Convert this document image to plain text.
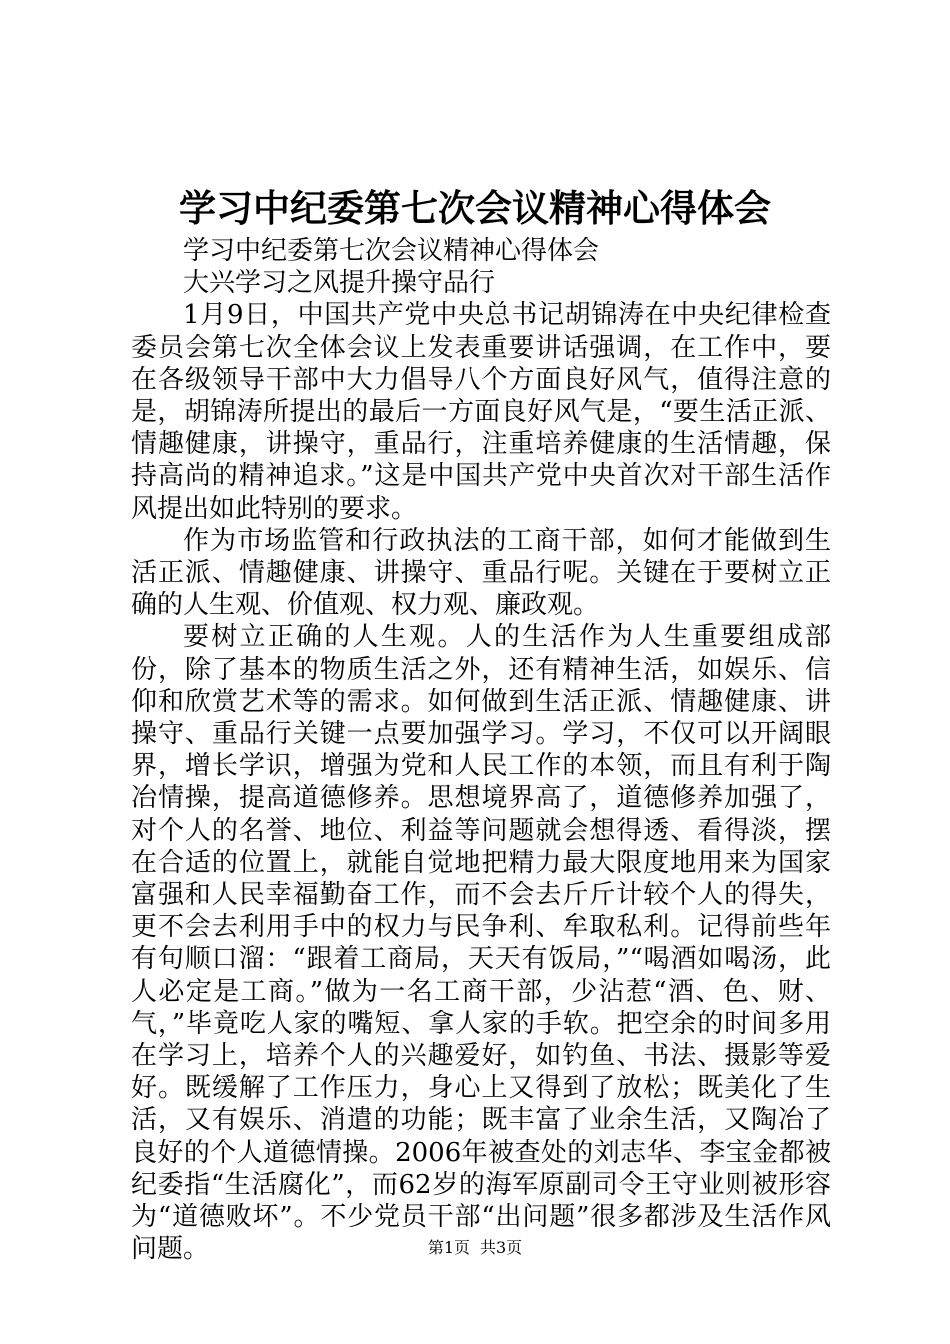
学习中纪委第七次会议精神心得体会

学习中纪委第七次会议精神心得体会

大兴学习之风提升操守品行

1月9日，中国共产党中央总书记胡锦涛在中央纪律检查委员会第七次全体会议上发表重要讲话强调，在工作中，要在各级领导干部中大力倡导八个方面良好风气，值得注意的是，胡锦涛所提出的最后一方面良好风气是，“要生活正派、情趣健康，讲操守，重品行，注重培养健康的生活情趣，保持高尚的精神追求。”这是中国共产党中央首次对干部生活作风提出如此特别的要求。

作为市场监管和行政执法的工商干部，如何才能做到生活正派、情趣健康、讲操守、重品行呢。关键在于要树立正确的人生观、价值观、权力观、廉政观。

要树立正确的人生观。人的生活作为人生重要组成部份，除了基本的物质生活之外，还有精神生活，如娱乐、信仰和欣赏艺术等的需求。如何做到生活正派、情趣健康、讲操守、重品行关键一点要加强学习。学习，不仅可以开阔眼界，增长学识，增强为党和人民工作的本领，而且有利于陶冶情操，提高道德修养。思想境界高了，道德修养加强了，对个人的名誉、地位、利益等问题就会想得透、看得淡，摆在合适的位置上，就能自觉地把精力最大限度地用来为国家富强和人民幸福勤奋工作，而不会去斤斤计较个人的得失，更不会去利用手中的权力与民争利、牟取私利。记得前些年有句顺口溜：“跟着工商局，天天有饭局，”“喝酒如喝汤，此人必定是工商。”做为一名工商干部，少沾惹“酒、色、财、气，”毕竟吃人家的嘴短、拿人家的手软。把空余的时间多用在学习上，培养个人的兴趣爱好，如钓鱼、书法、摄影等爱好。既缓解了工作压力，身心上又得到了放松；既美化了生活，又有娱乐、消遣的功能；既丰富了业余生活，又陶冶了良好的个人道德情操。2006年被查处的刘志华、李宝金都被纪委指“生活腐化”，而62岁的海军原副司令王守业则被形容为“道德败坏”。不少党员干部“出问题”很多都涉及生活作风问题。	第1页 共3页
